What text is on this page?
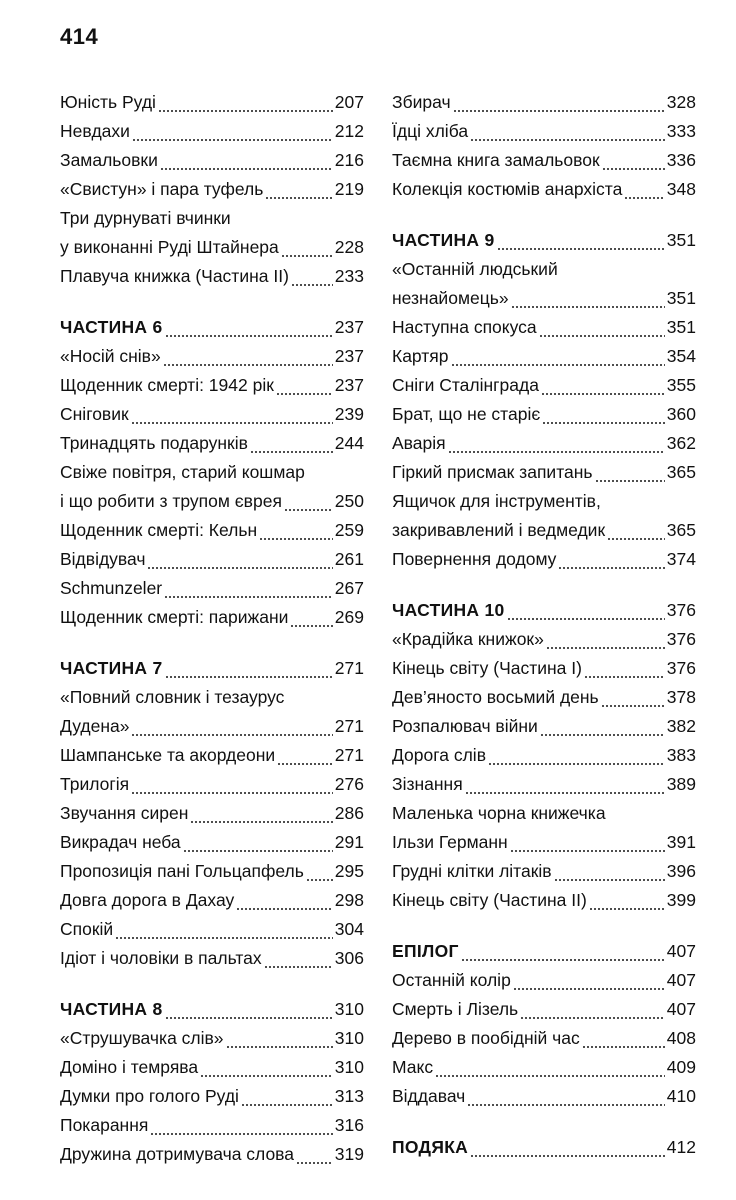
414
Юність Руді	207
Невдахи	212
Замальовки	216
«Свистун» і пара туфель	219
Три дурнуваті вчинки
у виконанні Руді Штайнера	228
Плавуча книжка (Частина ІІ)	233
ЧАСТИНА 6	237
«Носій снів»	237
Щоденник смерті: 1942 рік	237
Сніговик	239
Тринадцять подарунків	244
Свіже повітря, старий кошмар
і що робити з трупом єврея	250
Щоденник смерті: Кельн	259
Відвідувач	261
Schmunzeler	267
Щоденник смерті: парижани	269
ЧАСТИНА 7	271
«Повний словник і тезаурус
Дудена»	271
Шампанське та акордеони	271
Трилогія	276
Звучання сирен	286
Викрадач неба	291
Пропозиція пані Гольцапфель 295
Довга дорога в Дахау	298
Спокій	304
Ідіот і чоловіки в пальтах	306
ЧАСТИНА 8	310
«Струшувачка слів»	310
Доміно і темрява	310
Думки про голого Руді	313
Покарання	316
Дружина дотримувача слова 319
Збирач	328
Їдці хліба	333
Таємна книга замальовок	336
Колекція костюмів анархіста	348
ЧАСТИНА 9	351
«Останній людський
незнайомець»	351
Наступна спокуса	351
Картяр	354
Сніги Сталінграда	355
Брат, що не старіє	360
Аварія	362
Гіркий присмак запитань	365
Ящичок для інструментів,
закривавлений і ведмедик	365
Повернення додому	374
ЧАСТИНА 10	376
«Крадійка книжок»	376
Кінець світу (Частина І)	376
Дев’яносто восьмий день	378
Розпалювач війни	382
Дорога слів	383
Зізнання	389
Маленька чорна книжечка
Ільзи Германн	391
Грудні клітки літаків	396
Кінець світу (Частина ІІ)	399
ЕПІЛОГ	407
Останній колір	407
Смерть і Лізель	407
Дерево в пообідній час	408
Макс	409
Віддавач	410
ПОДЯКА	412
